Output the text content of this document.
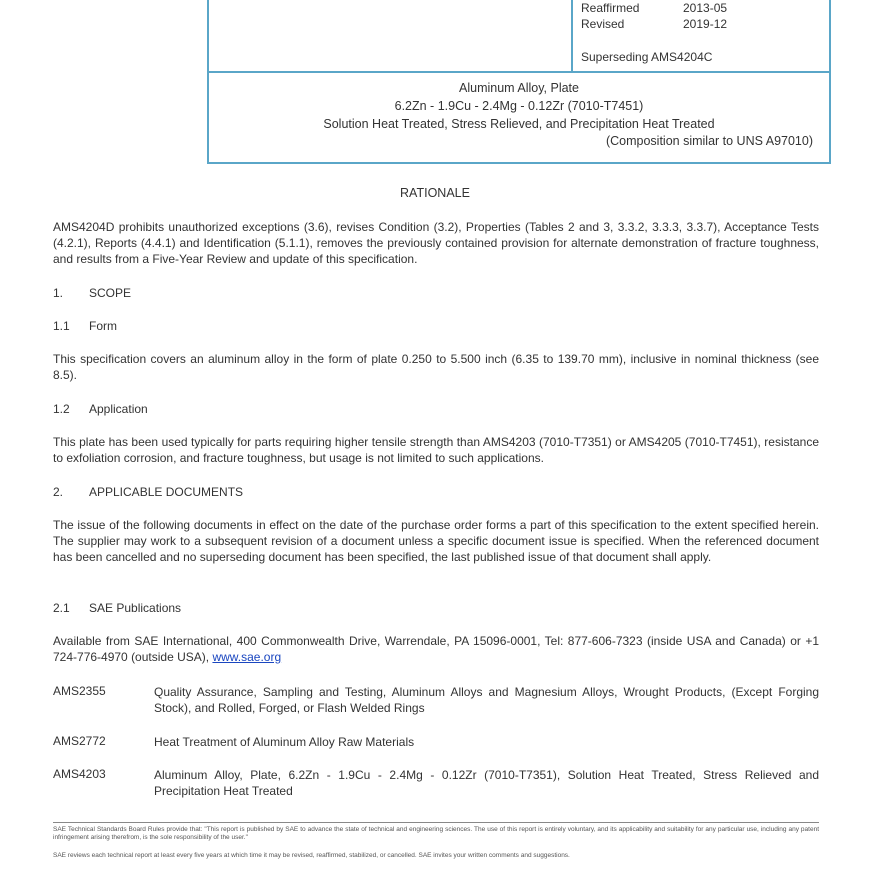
Reaffirmed	2013-05
Revised	2019-12
Superseding AMS4204C
Aluminum Alloy, Plate
6.2Zn - 1.9Cu - 2.4Mg - 0.12Zr (7010-T7451)
Solution Heat Treated, Stress Relieved, and Precipitation Heat Treated
(Composition similar to UNS A97010)
RATIONALE
AMS4204D prohibits unauthorized exceptions (3.6), revises Condition (3.2), Properties (Tables 2 and 3, 3.3.2, 3.3.3, 3.3.7), Acceptance Tests (4.2.1), Reports (4.4.1) and Identification (5.1.1), removes the previously contained provision for alternate demonstration of fracture toughness, and results from a Five-Year Review and update of this specification.
1. SCOPE
1.1 Form
This specification covers an aluminum alloy in the form of plate 0.250 to 5.500 inch (6.35 to 139.70 mm), inclusive in nominal thickness (see 8.5).
1.2 Application
This plate has been used typically for parts requiring higher tensile strength than AMS4203 (7010-T7351) or AMS4205 (7010-T7451), resistance to exfoliation corrosion, and fracture toughness, but usage is not limited to such applications.
2. APPLICABLE DOCUMENTS
The issue of the following documents in effect on the date of the purchase order forms a part of this specification to the extent specified herein. The supplier may work to a subsequent revision of a document unless a specific document issue is specified. When the referenced document has been cancelled and no superseding document has been specified, the last published issue of that document shall apply.
2.1 SAE Publications
Available from SAE International, 400 Commonwealth Drive, Warrendale, PA 15096-0001, Tel: 877-606-7323 (inside USA and Canada) or +1 724-776-4970 (outside USA), www.sae.org
AMS2355	Quality Assurance, Sampling and Testing, Aluminum Alloys and Magnesium Alloys, Wrought Products, (Except Forging Stock), and Rolled, Forged, or Flash Welded Rings
AMS2772	Heat Treatment of Aluminum Alloy Raw Materials
AMS4203	Aluminum Alloy, Plate, 6.2Zn - 1.9Cu - 2.4Mg - 0.12Zr (7010-T7351), Solution Heat Treated, Stress Relieved and Precipitation Heat Treated
SAE Technical Standards Board Rules provide that: "This report is published by SAE to advance the state of technical and engineering sciences. The use of this report is entirely voluntary, and its applicability and suitability for any particular use, including any patent infringement arising therefrom, is the sole responsibility of the user."
SAE reviews each technical report at least every five years at which time it may be revised, reaffirmed, stabilized, or cancelled. SAE invites your written comments and suggestions.
